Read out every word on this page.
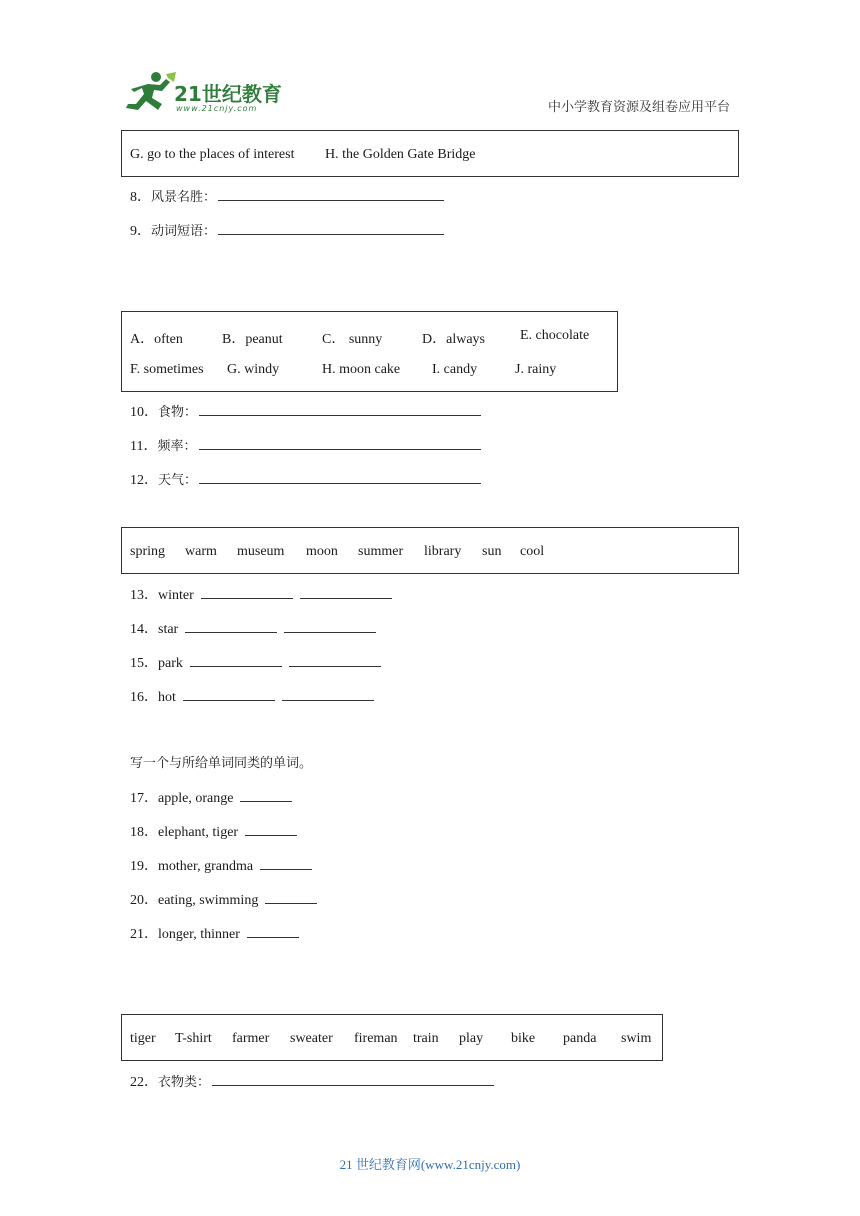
21世纪教育
www.21cnjy.com	中小学教育资源及组卷应用平台
G. go to the places of interest H. the Golden Gate Bridge
8．风景名胜：
9．动词短语：
A．often	B．peanut	C． sunny	D．always	E. chocolate
F. sometimes G. windy	H. moon cake I. candy	J. rainy
10．食物：
11．频率：
12．天气：
spring warm museum moon summer library sun cool
13．winter
14．star
15．park
16．hot
写一个与所给单词同类的单词。
17．apple, orange
18．elephant, tiger
19．mother, grandma
20．eating, swimming
21．longer, thinner
tiger T-shirt farmer sweater fireman train play bike panda swim
22．衣物类：
21 世纪教育网(www.21cnjy.com)
